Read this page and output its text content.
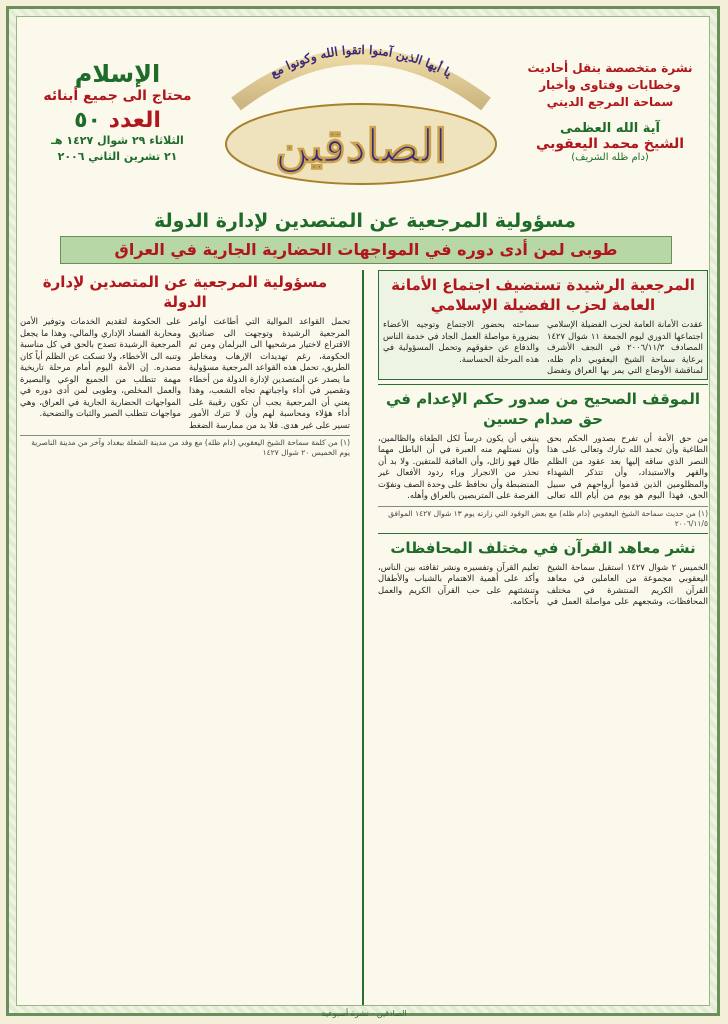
نشرة متخصصة بنقل أحاديث وخطابات وفتاوى وأخبار سماحة المرجع الديني
آية الله العظمى
الشيخ محمد اليعقوبي
(دام ظله الشريف)
يا أيها الذين آمنوا اتقوا الله وكونوا مع
الصادقين
الإسلام
محتاج الى جميع أبنائه
العدد ٥٠
الثلاثاء ٢٩ شوال ١٤٢٧ هـ
٢١ تشرين الثاني ٢٠٠٦
مسؤولية المرجعية عن المتصدين لإدارة الدولة
طوبى لمن أدى دوره في المواجهات الحضارية الجارية في العراق
المرجعية الرشيدة تستضيف اجتماع الأمانة العامة لحزب الفضيلة الإسلامي
عقدت الأمانة العامة لحزب الفضيلة الإسلامي اجتماعها الدوري ليوم الجمعة ١١ شوال ١٤٢٧ المصادف ٢٠٠٦/١١/٣ في النجف الأشرف برعاية سماحة الشيخ اليعقوبي دام ظله، لمناقشة الأوضاع التي يمر بها العراق وتفضل سماحته بحضور الاجتماع وتوجيه الأعضاء بضرورة مواصلة العمل الجاد في خدمة الناس والدفاع عن حقوقهم وتحمل المسؤولية في هذه المرحلة الحساسة.
الموقف الصحيح من صدور حكم الإعدام في حق صدام حسين
من حق الأمة أن تفرح بصدور الحكم بحق الطاغية وأن تحمد الله تبارك وتعالى على هذا النصر الذي ساقه إليها بعد عقود من الظلم والقهر والاستبداد، وأن تتذكر الشهداء والمظلومين الذين قدموا أرواحهم في سبيل الحق، فهذا اليوم هو يوم من أيام الله تعالى ينبغي أن يكون درساً لكل الطغاة والظالمين، وأن نستلهم منه العبرة في أن الباطل مهما طال فهو زائل، وأن العاقبة للمتقين. ولا بد أن نحذر من الانجرار وراء ردود الأفعال غير المنضبطة وأن نحافظ على وحدة الصف ونفوّت الفرصة على المتربصين بالعراق وأهله.
(١) من حديث سماحة الشيخ اليعقوبي (دام ظله) مع بعض الوفود التي زارته يوم ١٣ شوال ١٤٢٧ الموافق ٢٠٠٦/١١/٥
نشر معاهد القرآن في مختلف المحافظات
الخميس ٢ شوال ١٤٢٧ استقبل سماحة الشيخ اليعقوبي مجموعة من العاملين في معاهد القرآن الكريم المنتشرة في مختلف المحافظات، وشجعهم على مواصلة العمل في تعليم القرآن وتفسيره ونشر ثقافته بين الناس، وأكد على أهمية الاهتمام بالشباب والأطفال وتنشئتهم على حب القرآن الكريم والعمل بأحكامه.
مسؤولية المرجعية عن المتصدين لإدارة الدولة
تحمل القواعد الموالية التي أطاعت أوامر المرجعية الرشيدة وتوجهت الى صناديق الاقتراع لاختيار مرشحيها الى البرلمان ومن ثم الحكومة، رغم تهديدات الإرهاب ومخاطر الطريق، تحمل هذه القواعد المرجعية مسؤولية ما يصدر عن المتصدين لإدارة الدولة من أخطاء وتقصير في أداء واجباتهم تجاه الشعب، وهذا يعني أن المرجعية يجب أن تكون رقيبة على أداء هؤلاء ومحاسبة لهم وأن لا تترك الأمور تسير على غير هدى. فلا بد من ممارسة الضغط على الحكومة لتقديم الخدمات وتوفير الأمن ومحاربة الفساد الإداري والمالي، وهذا ما يجعل المرجعية الرشيدة تصدح بالحق في كل مناسبة وتنبه الى الأخطاء، ولا تسكت عن الظلم أياً كان مصدره. إن الأمة اليوم أمام مرحلة تاريخية مهمة تتطلب من الجميع الوعي والبصيرة والعمل المخلص، وطوبى لمن أدى دوره في المواجهات الحضارية الجارية في العراق، وهي مواجهات تتطلب الصبر والثبات والتضحية.
(١) من كلمة سماحة الشيخ اليعقوبي (دام ظله) مع وفد من مدينة الشعلة ببغداد وآخر من مدينة الناصرية يوم الخميس ٢٠ شوال ١٤٢٧
الصادقين - نشرة أسبوعية
